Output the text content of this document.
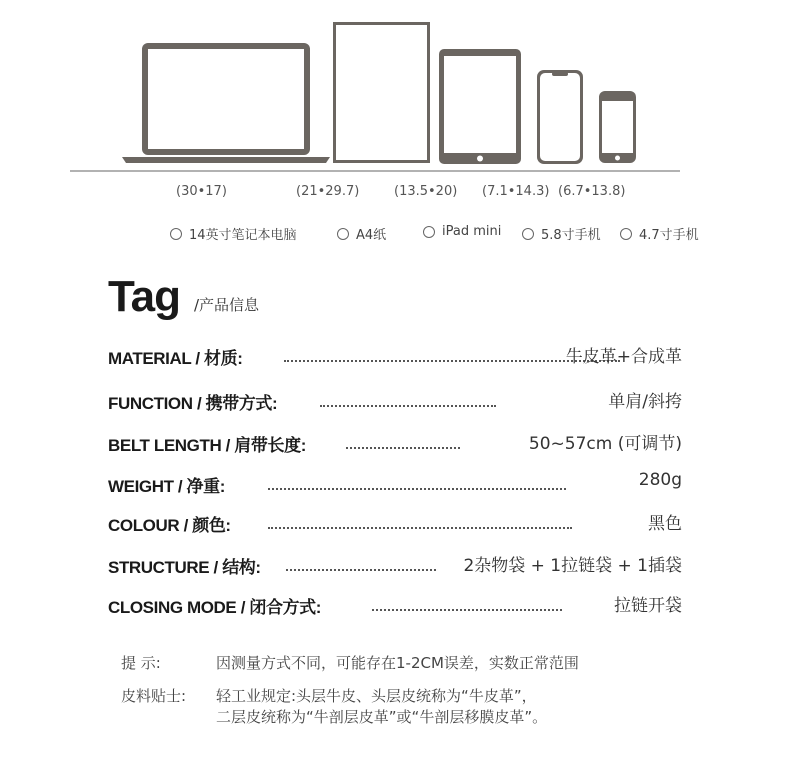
(30•17)	(21•29.7)	(13.5•20) (7.1•14.3) (6.7•13.8)
14英寸笔记本电脑	A4纸	iPad mini	5.8寸手机	4.7寸手机
Tag /产品信息
MATERIAL / 材质:	牛皮革+合成革
FUNCTION / 携带方式:	单肩/斜挎
BELT LENGTH / 肩带长度:	50~57cm (可调节)
WEIGHT / 净重:	280g
COLOUR / 颜色:	黑色
STRUCTURE / 结构:	2杂物袋 + 1拉链袋 + 1插袋
CLOSING MODE / 闭合方式:	拉链开袋
提 示:	因测量方式不同，可能存在1-2CM误差，实数正常范围
皮料贴士: 轻工业规定:头层牛皮、头层皮统称为“牛皮革”，
二层皮统称为“牛剖层皮革”或“牛剖层移膜皮革”。
